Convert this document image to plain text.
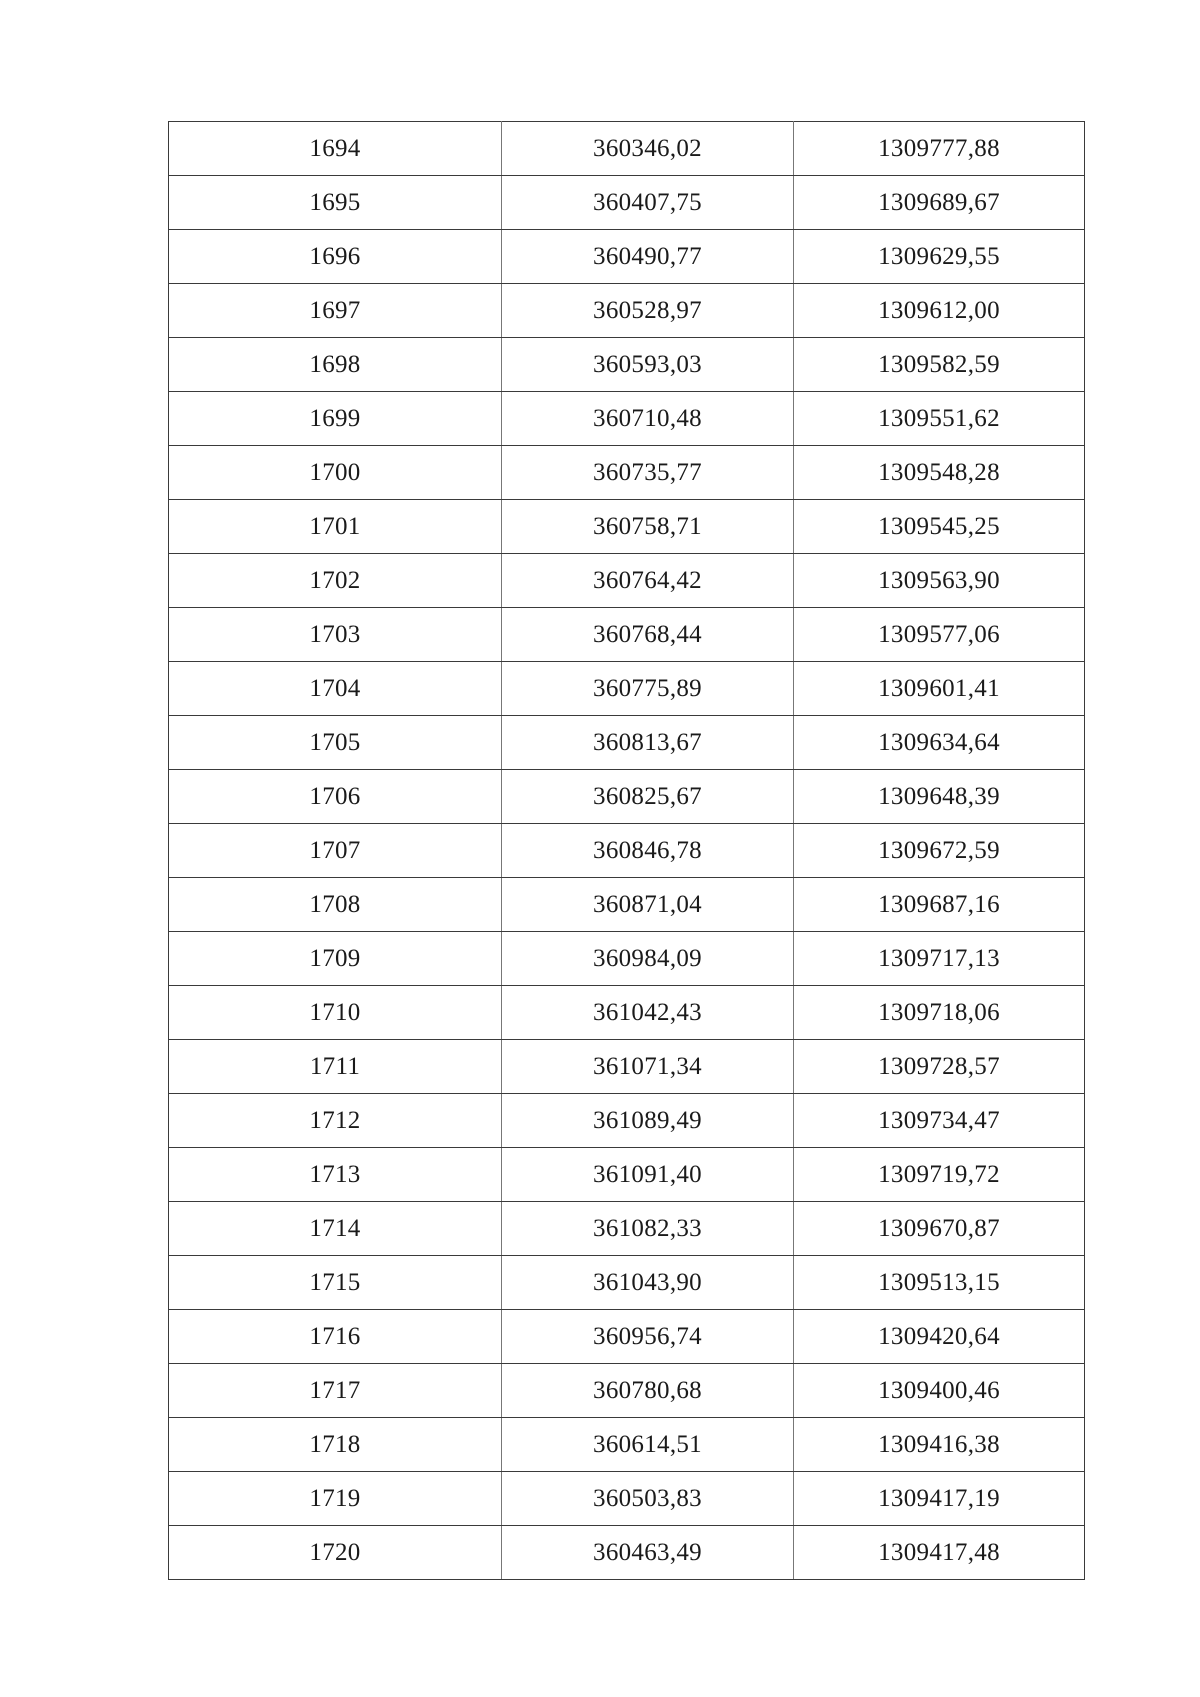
1694	360346,02	1309777,88
1695	360407,75	1309689,67
1696	360490,77	1309629,55
1697	360528,97	1309612,00
1698	360593,03	1309582,59
1699	360710,48	1309551,62
1700	360735,77	1309548,28
1701	360758,71	1309545,25
1702	360764,42	1309563,90
1703	360768,44	1309577,06
1704	360775,89	1309601,41
1705	360813,67	1309634,64
1706	360825,67	1309648,39
1707	360846,78	1309672,59
1708	360871,04	1309687,16
1709	360984,09	1309717,13
1710	361042,43	1309718,06
1711	361071,34	1309728,57
1712	361089,49	1309734,47
1713	361091,40	1309719,72
1714	361082,33	1309670,87
1715	361043,90	1309513,15
1716	360956,74	1309420,64
1717	360780,68	1309400,46
1718	360614,51	1309416,38
1719	360503,83	1309417,19
1720	360463,49	1309417,48
